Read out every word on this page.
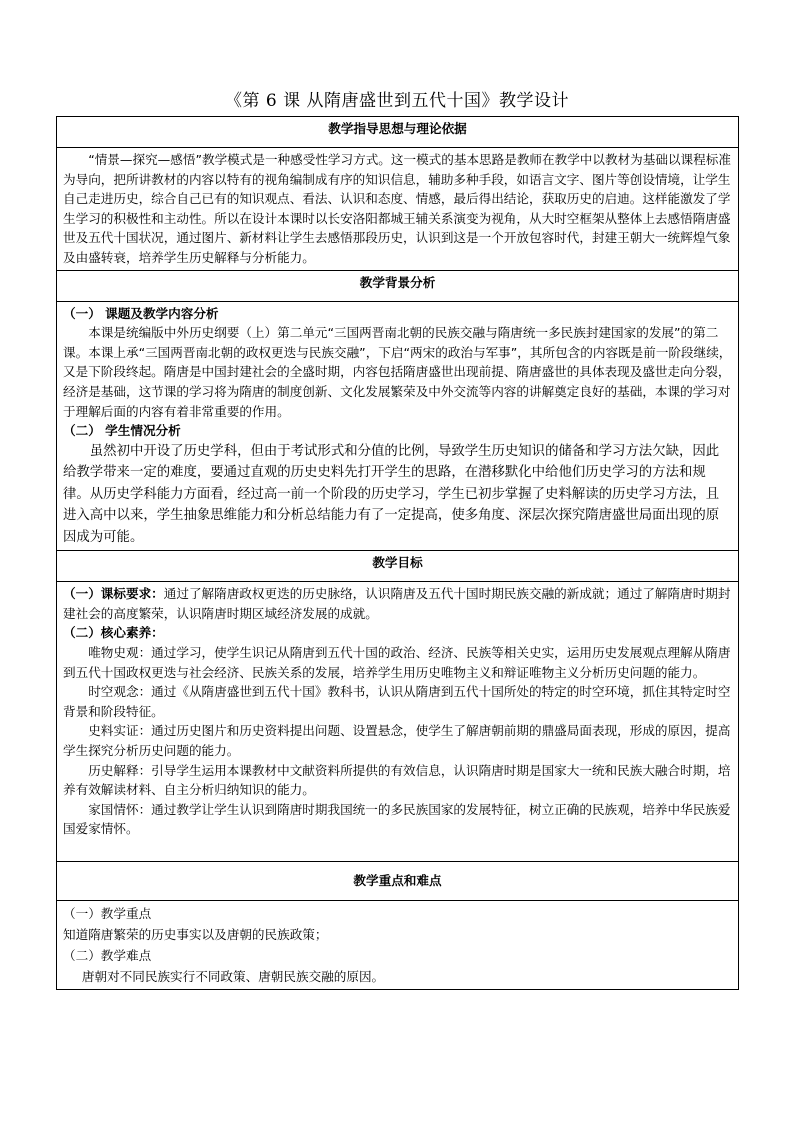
《第 6 课 从隋唐盛世到五代十国》教学设计
教学指导思想与理论依据

“情景—探究—感悟”教学模式是一种感受性学习方式。这一模式的基本思路是教师在教学中以教材为基础以课程标准为导向，把所讲教材的内容以特有的视角编制成有序的知识信息，辅助多种手段，如语言文字、图片等创设情境，让学生自己走进历史，综合自己已有的知识观点、看法、认识和态度、情感，最后得出结论，获取历史的启迪。这样能激发了学生学习的积极性和主动性。所以在设计本课时以长安洛阳都城王辅关系演变为视角，从大时空框架从整体上去感悟隋唐盛世及五代十国状况，通过图片、新材料让学生去感悟那段历史，认识到这是一个开放包容时代，封建王朝大一统辉煌气象及由盛转衰，培养学生历史解释与分析能力。

教学背景分析

（一） 课题及教学内容分析

本课是统编版中外历史纲要（上）第二单元“三国两晋南北朝的民族交融与隋唐统一多民族封建国家的发展”的第二课。本课上承“三国两晋南北朝的政权更迭与民族交融”，下启“两宋的政治与军事”，其所包含的内容既是前一阶段继续，又是下阶段终起。隋唐是中国封建社会的全盛时期，内容包括隋唐盛世出现前提、隋唐盛世的具体表现及盛世走向分裂，经济是基础，这节课的学习将为隋唐的制度创新、文化发展繁荣及中外交流等内容的讲解奠定良好的基础，本课的学习对于理解后面的内容有着非常重要的作用。

（二） 学生情况分析

虽然初中开设了历史学科，但由于考试形式和分值的比例，导致学生历史知识的储备和学习方法欠缺，因此给教学带来一定的难度，要通过直观的历史史料先打开学生的思路，在潜移默化中给他们历史学习的方法和规律。从历史学科能力方面看，经过高一前一个阶段的历史学习，学生已初步掌握了史料解读的历史学习方法，且进入高中以来，学生抽象思维能力和分析总结能力有了一定提高，使多角度、深层次探究隋唐盛世局面出现的原因成为可能。

教学目标

（一）课标要求：通过了解隋唐政权更迭的历史脉络，认识隋唐及五代十国时期民族交融的新成就；通过了解隋唐时期封建社会的高度繁荣，认识隋唐时期区域经济发展的成就。

（二）核心素养：

唯物史观：通过学习，使学生识记从隋唐到五代十国的政治、经济、民族等相关史实，运用历史发展观点理解从隋唐到五代十国政权更迭与社会经济、民族关系的发展，培养学生用历史唯物主义和辩证唯物主义分析历史问题的能力。

时空观念：通过《从隋唐盛世到五代十国》教科书，认识从隋唐到五代十国所处的特定的时空环境，抓住其特定时空背景和阶段特征。

史料实证：通过历史图片和历史资料提出问题、设置悬念，使学生了解唐朝前期的鼎盛局面表现，形成的原因，提高学生探究分析历史问题的能力。

历史解释：引导学生运用本课教材中文献资料所提供的有效信息，认识隋唐时期是国家大一统和民族大融合时期，培养有效解读材料、自主分析归纳知识的能力。

家国情怀：通过教学让学生认识到隋唐时期我国统一的多民族国家的发展特征，树立正确的民族观，培养中华民族爱国爱家情怀。

教学重点和难点

（一）教学重点

知道隋唐繁荣的历史事实以及唐朝的民族政策；

（二）教学难点

唐朝对不同民族实行不同政策、唐朝民族交融的原因。
